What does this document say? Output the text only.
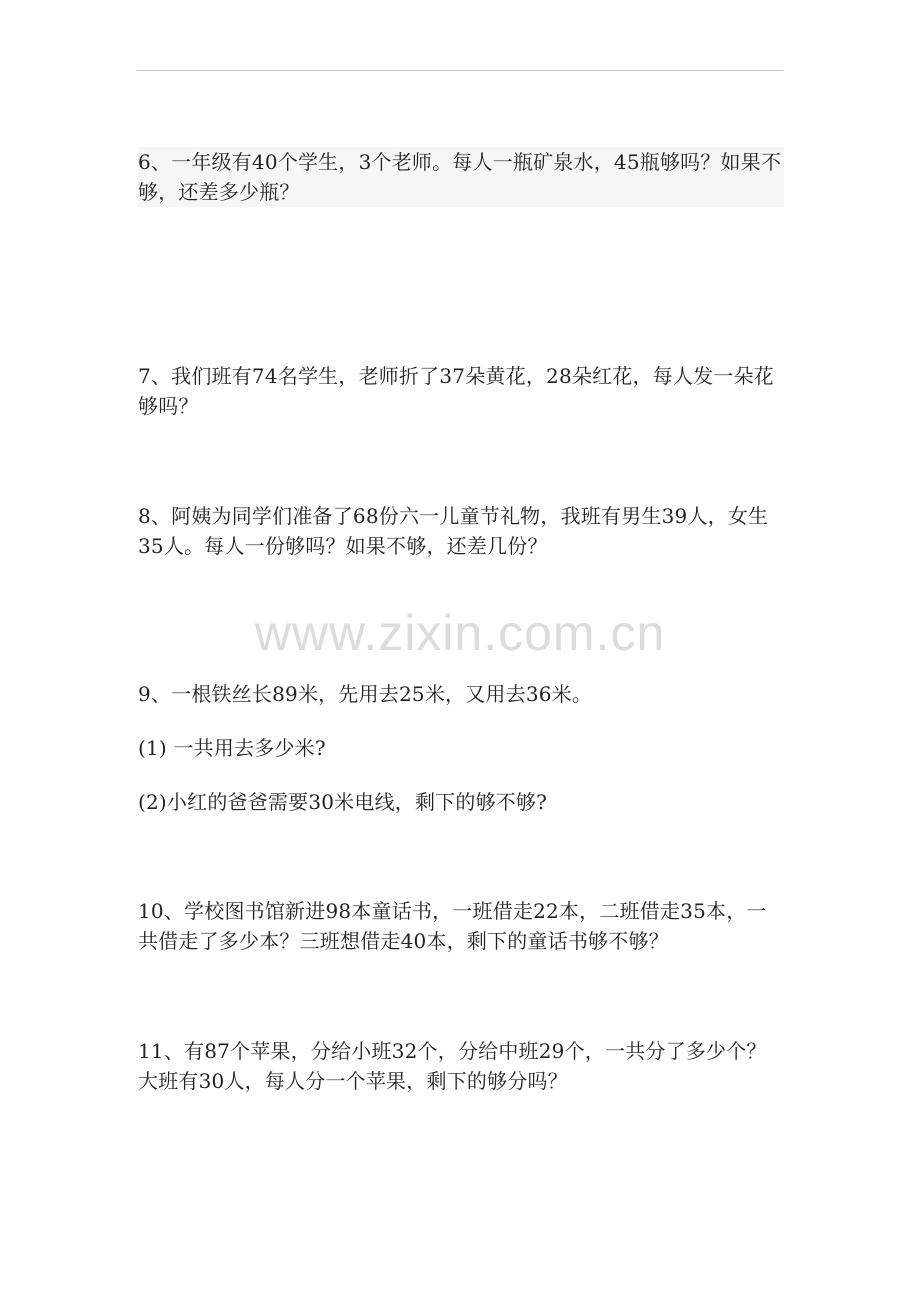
6、一年级有40个学生，3个老师。每人一瓶矿泉水，45瓶够吗？如果不够，还差多少瓶？

7、我们班有74名学生，老师折了37朵黄花，28朵红花，每人发一朵花够吗？

8、阿姨为同学们准备了68份六一儿童节礼物，我班有男生39人，女生35人。每人一份够吗？如果不够，还差几份？

www.zixin.com.cn

9、一根铁丝长89米，先用去25米，又用去36米。

(1) 一共用去多少米?

(2)小红的爸爸需要30米电线，剩下的够不够?

10、学校图书馆新进98本童话书，一班借走22本，二班借走35本，一共借走了多少本？三班想借走40本，剩下的童话书够不够？

11、有87个苹果，分给小班32个，分给中班29个，一共分了多少个？大班有30人，每人分一个苹果，剩下的够分吗？
